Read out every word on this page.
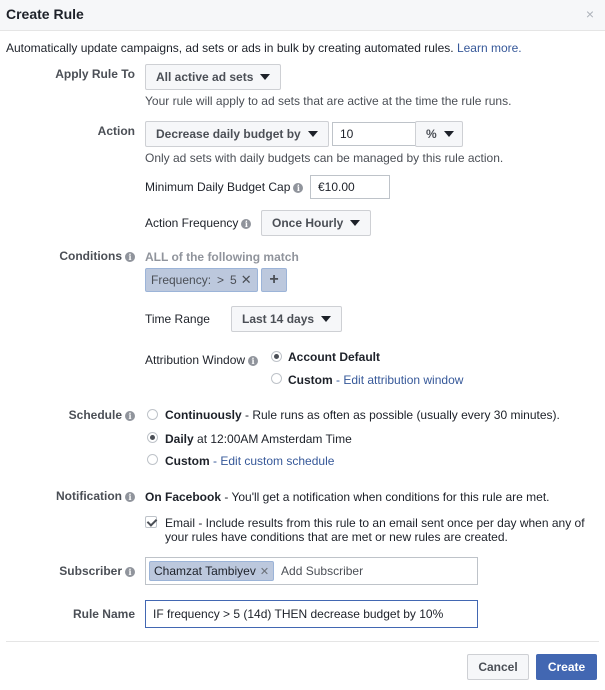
Create Rule	×
Automatically update campaigns, ad sets or ads in bulk by creating automated rules. Learn more.
Apply Rule To All active ad sets
Your rule will apply to ad sets that are active at the time the rule runs.
Action Decrease daily budget by	10	%
Only ad sets with daily budgets can be managed by this rule action.
Minimum Daily Budget Cap i	€10.00
Action Frequency i Once Hourly
Conditions i ALL of the following match
Frequency: > 5 ✕	+
Time Range	Last 14 days
Attribution Window i	Account Default
Custom - Edit attribution window
Schedule i	Continuously - Rule runs as often as possible (usually every 30 minutes).
Daily at 12:00AM Amsterdam Time
Custom - Edit custom schedule
Notification i On Facebook - You'll get a notification when conditions for this rule are met.
Email - Include results from this rule to an email sent once per day when any of
your rules have conditions that are met or new rules are created.
Subscriber i Chamzat Tambiyev ✕ Add Subscriber
Rule Name	IF frequency > 5 (14d) THEN decrease budget by 10%
Cancel	Create
